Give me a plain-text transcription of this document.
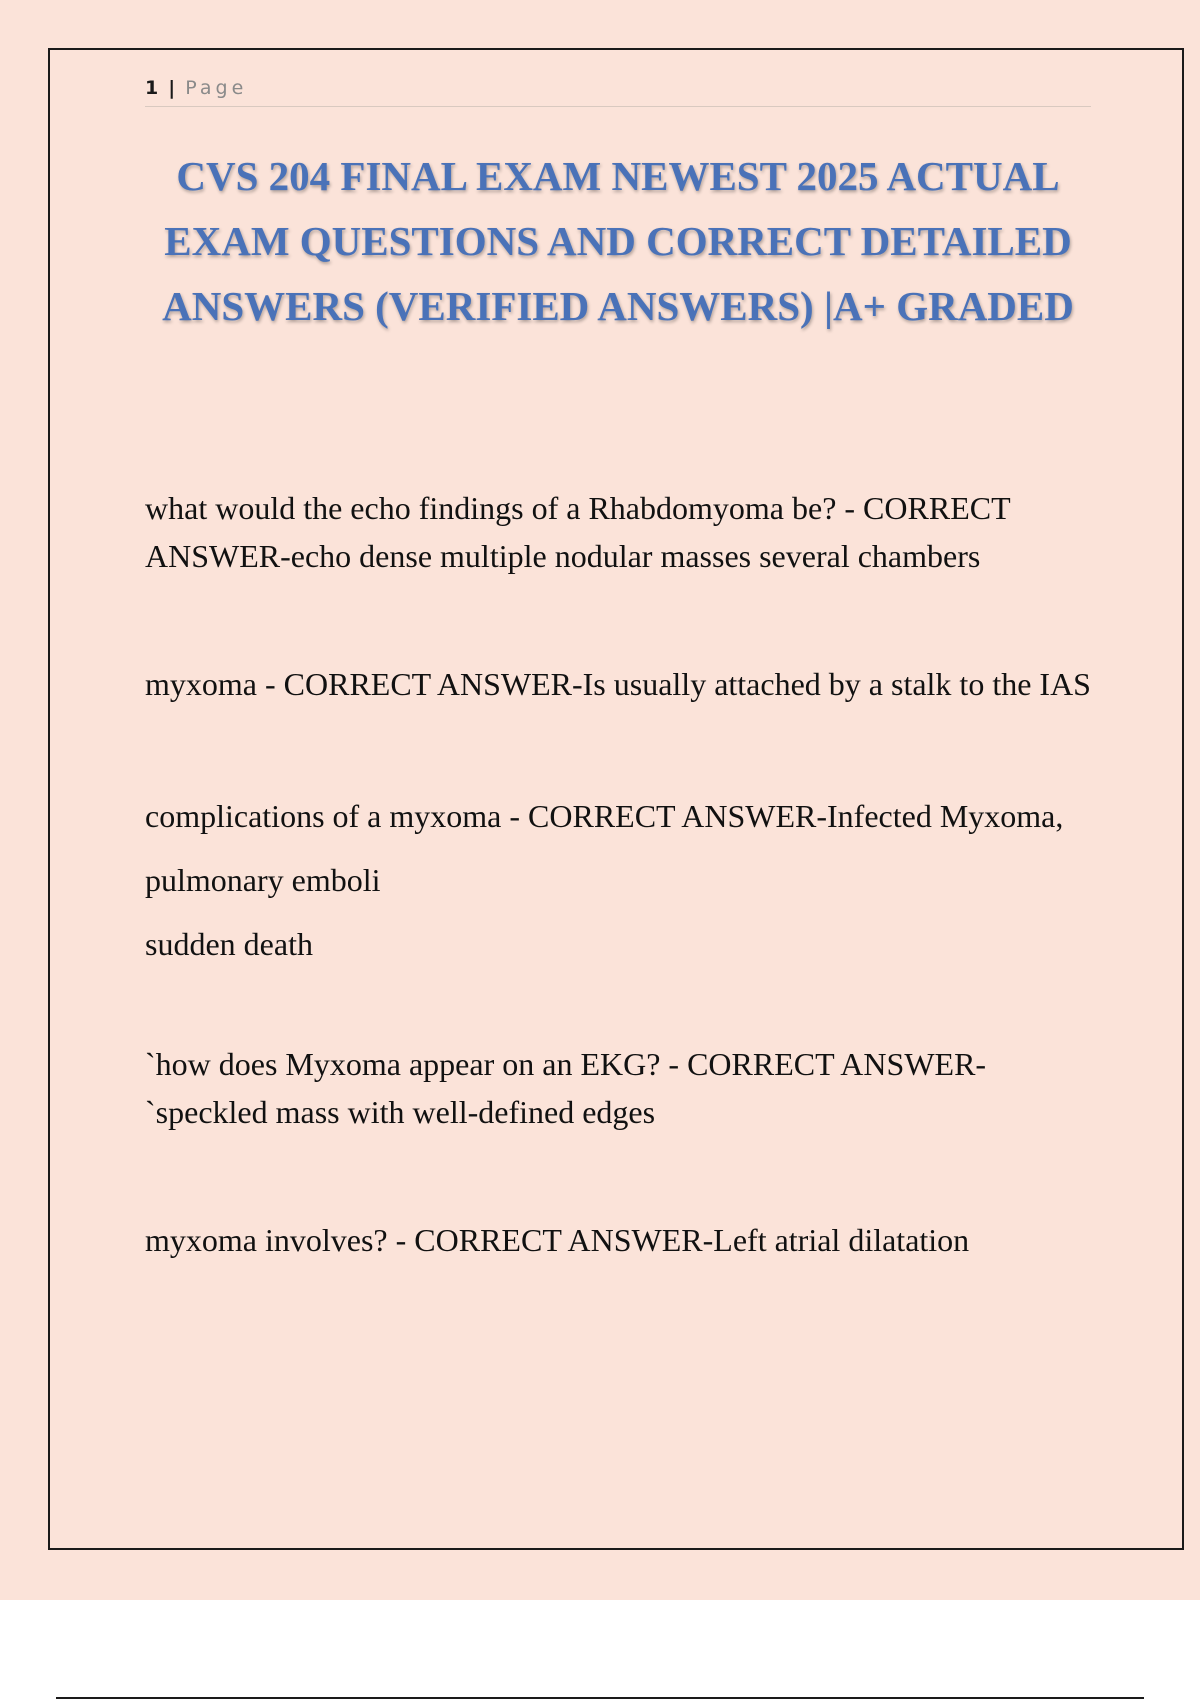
1 | Page
CVS 204 FINAL EXAM NEWEST 2025 ACTUAL EXAM QUESTIONS AND CORRECT DETAILED ANSWERS (VERIFIED ANSWERS) |A+ GRADED

what would the echo findings of a Rhabdomyoma be? - CORRECT ANSWER-echo dense multiple nodular masses several chambers

myxoma - CORRECT ANSWER-Is usually attached by a stalk to the IAS

complications of a myxoma - CORRECT ANSWER-Infected Myxoma,

pulmonary emboli

sudden death

`how does Myxoma appear on an EKG? - CORRECT ANSWER-`speckled mass with well-defined edges

myxoma involves? - CORRECT ANSWER-Left atrial dilatation
